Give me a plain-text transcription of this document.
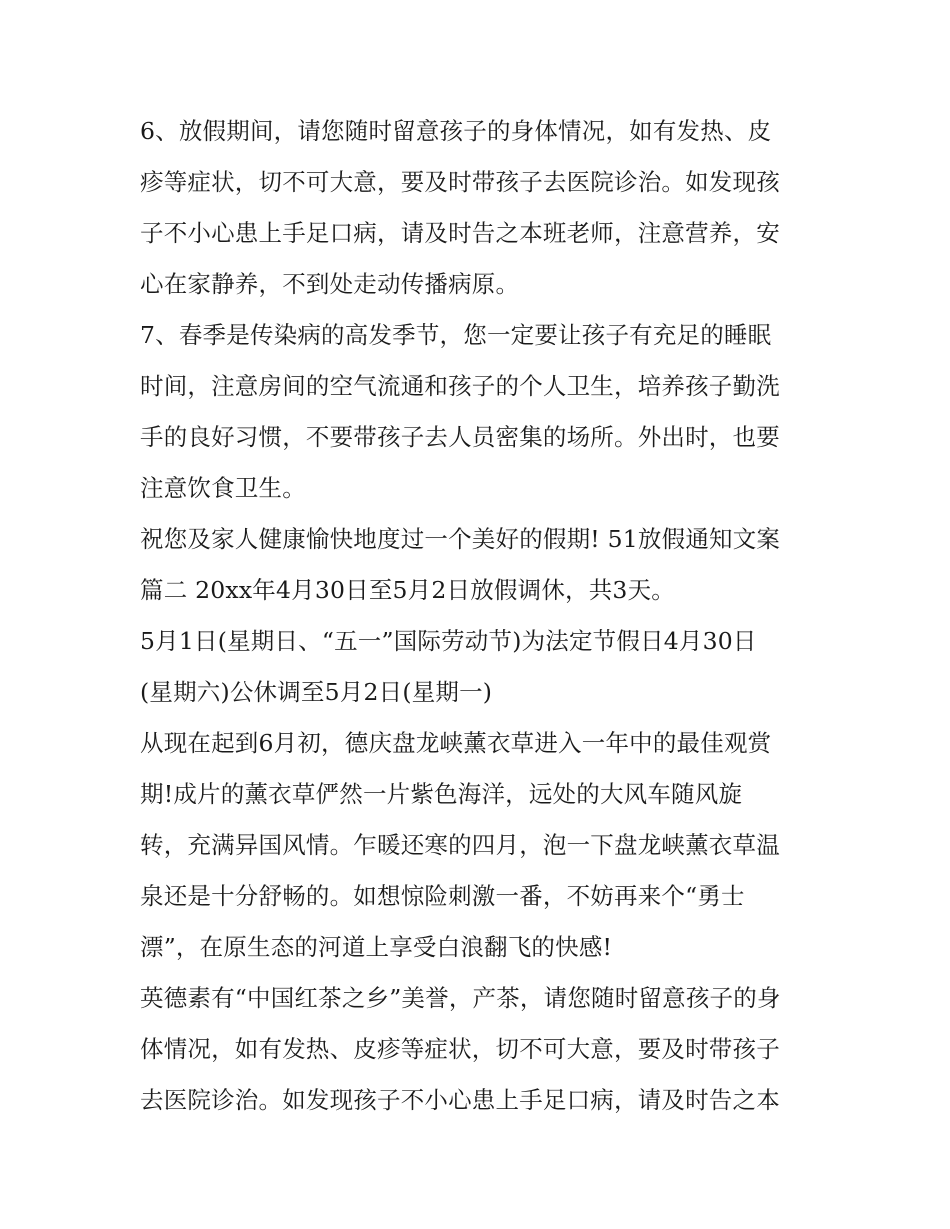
6、放假期间，请您随时留意孩子的身体情况，如有发热、皮
疹等症状，切不可大意，要及时带孩子去医院诊治。如发现孩
子不小心患上手足口病，请及时告之本班老师，注意营养，安
心在家静养，不到处走动传播病原。
7、春季是传染病的高发季节，您一定要让孩子有充足的睡眠
时间，注意房间的空气流通和孩子的个人卫生，培养孩子勤洗
手的良好习惯，不要带孩子去人员密集的场所。外出时，也要
注意饮食卫生。
祝您及家人健康愉快地度过一个美好的假期! 51放假通知文案
篇二 20xx年4月30日至5月2日放假调休，共3天。
5月1日(星期日、“五一”国际劳动节)为法定节假日4月30日
(星期六)公休调至5月2日(星期一)
从现在起到6月初，德庆盘龙峡薰衣草进入一年中的最佳观赏
期!成片的薰衣草俨然一片紫色海洋，远处的大风车随风旋
转，充满异国风情。乍暖还寒的四月，泡一下盘龙峡薰衣草温
泉还是十分舒畅的。如想惊险刺激一番，不妨再来个“勇士
漂”，在原生态的河道上享受白浪翻飞的快感!
英德素有“中国红茶之乡”美誉，产茶，请您随时留意孩子的身
体情况，如有发热、皮疹等症状，切不可大意，要及时带孩子
去医院诊治。如发现孩子不小心患上手足口病，请及时告之本
